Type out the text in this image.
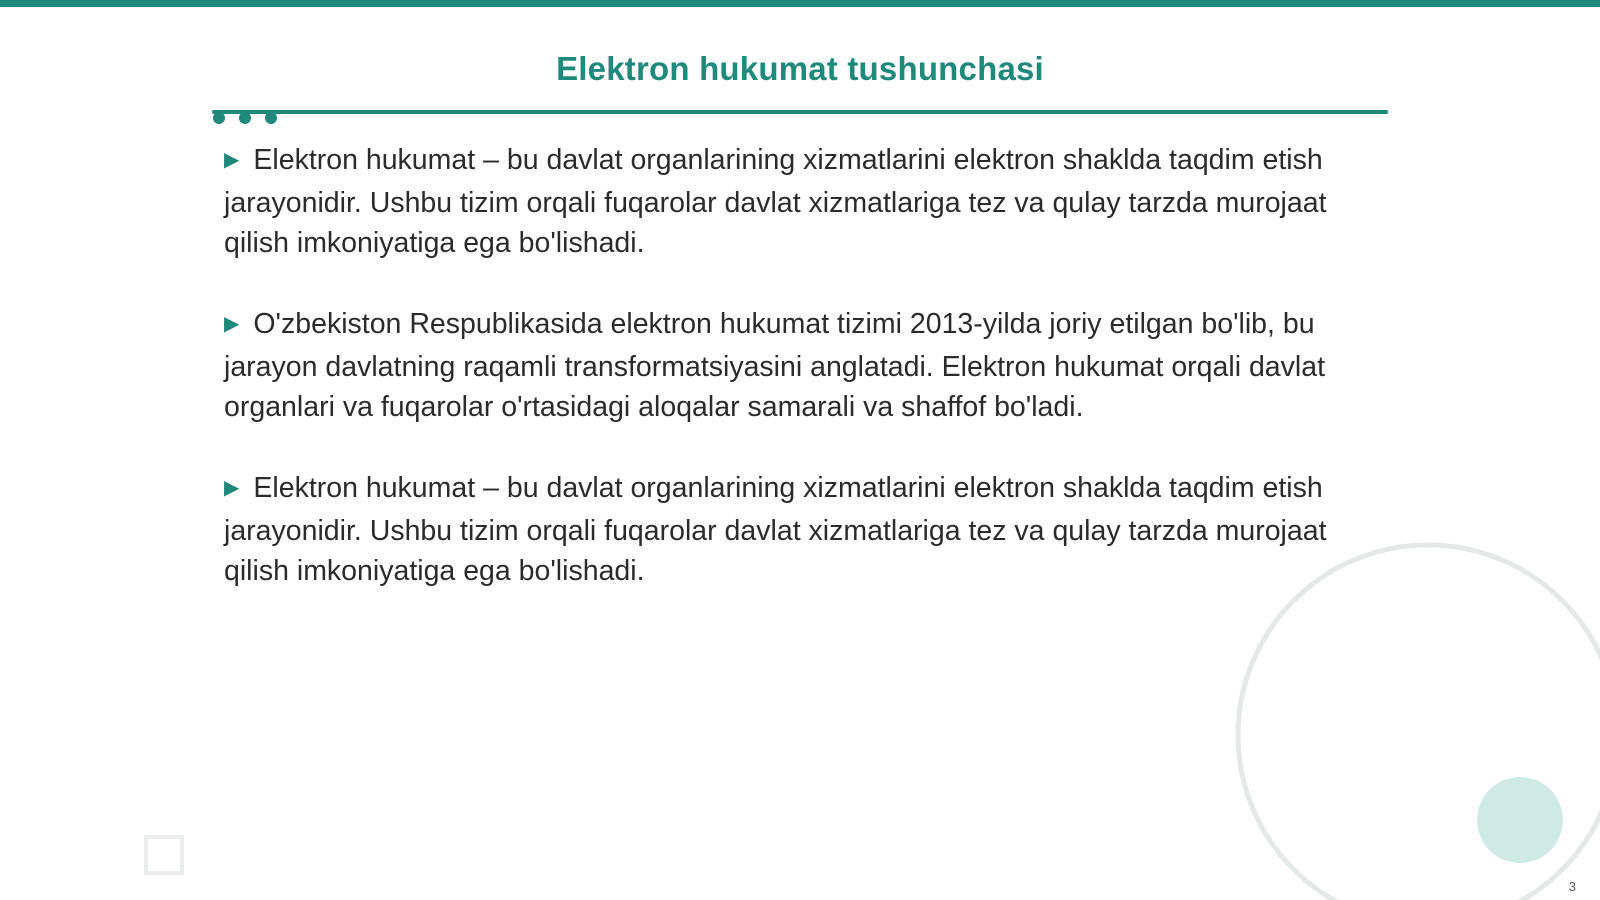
Elektron hukumat tushunchasi

▶ Elektron hukumat – bu davlat organlarining xizmatlarini elektron shaklda taqdim etish jarayonidir. Ushbu tizim orqali fuqarolar davlat xizmatlariga tez va qulay tarzda murojaat qilish imkoniyatiga ega bo'lishadi.

▶ O'zbekiston Respublikasida elektron hukumat tizimi 2013-yilda joriy etilgan bo'lib, bu jarayon davlatning raqamli transformatsiyasini anglatadi. Elektron hukumat orqali davlat organlari va fuqarolar o'rtasidagi aloqalar samarali va shaffof bo'ladi.

▶ Elektron hukumat – bu davlat organlarining xizmatlarini elektron shaklda taqdim etish jarayonidir. Ushbu tizim orqali fuqarolar davlat xizmatlariga tez va qulay tarzda murojaat qilish imkoniyatiga ega bo'lishadi.

3
